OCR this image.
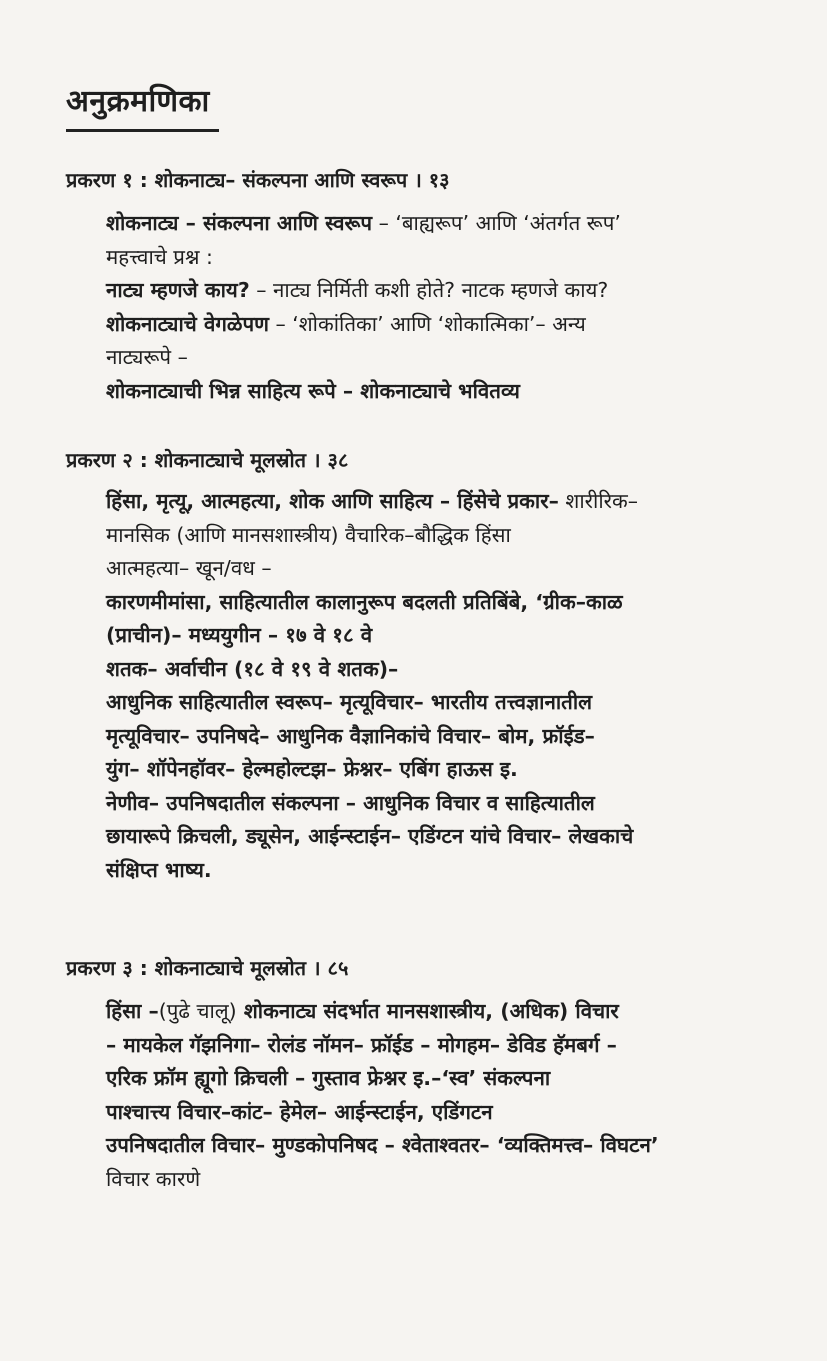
अनुक्रमणिका
प्रकरण १ : शोकनाट्य– संकल्पना आणि स्वरूप । १३
शोकनाट्य – संकल्पना आणि स्वरूप – ‘बाह्यरूप’ आणि ‘अंतर्गत रूप’
महत्त्वाचे प्रश्न :
नाट्य म्हणजे काय? – नाट्य निर्मिती कशी होते? नाटक म्हणजे काय?
शोकनाट्याचे वेगळेपण – ‘शोकांतिका’ आणि ‘शोकात्मिका’– अन्य
नाट्यरूपे –
शोकनाट्याची भिन्न साहित्य रूपे – शोकनाट्याचे भवितव्य
प्रकरण २ : शोकनाट्याचे मूलस्रोत । ३८
हिंसा, मृत्यू, आत्महत्या, शोक आणि साहित्य – हिंसेचे प्रकार– शारीरिक–
मानसिक (आणि मानसशास्त्रीय) वैचारिक–बौद्धिक हिंसा
आत्महत्या– खून/वध –
कारणमीमांसा, साहित्यातील कालानुरूप बदलती प्रतिबिंबे, ‘ग्रीक–काळ
(प्राचीन)– मध्ययुगीन – १७ वे १८ वे
शतक– अर्वाचीन (१८ वे १९ वे शतक)–
आधुनिक साहित्यातील स्वरूप– मृत्यूविचार– भारतीय तत्त्वज्ञानातील
मृत्यूविचार– उपनिषदे– आधुनिक वैज्ञानिकांचे विचार– बोम, फ्रॉईड–
युंग– शॉपेनहॉवर– हेल्महोल्टझ– फ्रेश्नर– एबिंग हाऊस इ.
नेणीव– उपनिषदातील संकल्पना – आधुनिक विचार व साहित्यातील
छायारूपे क्रिचली, ड्यूसेन, आईन्स्टाईन– एडिंग्टन यांचे विचार– लेखकाचे
संक्षिप्त भाष्य.
प्रकरण ३ : शोकनाट्याचे मूलस्रोत । ८५
हिंसा –(पुढे चालू) शोकनाट्य संदर्भात मानसशास्त्रीय, (अधिक) विचार
– मायकेल गॅझनिगा– रोलंड नॉमन– फ्रॉईड – मोगहम– डेविड हॅमबर्ग –
एरिक फ्रॉम ह्यूगो क्रिचली – गुस्ताव फ्रेश्नर इ.–‘स्व’ संकल्पना
पाश्चात्त्य विचार–कांट– हेमेल– आईन्स्टाईन, एडिंगटन
उपनिषदातील विचार– मुण्डकोपनिषद – श्वेताश्वतर– ‘व्यक्तिमत्त्व– विघटन’
विचार कारणे
